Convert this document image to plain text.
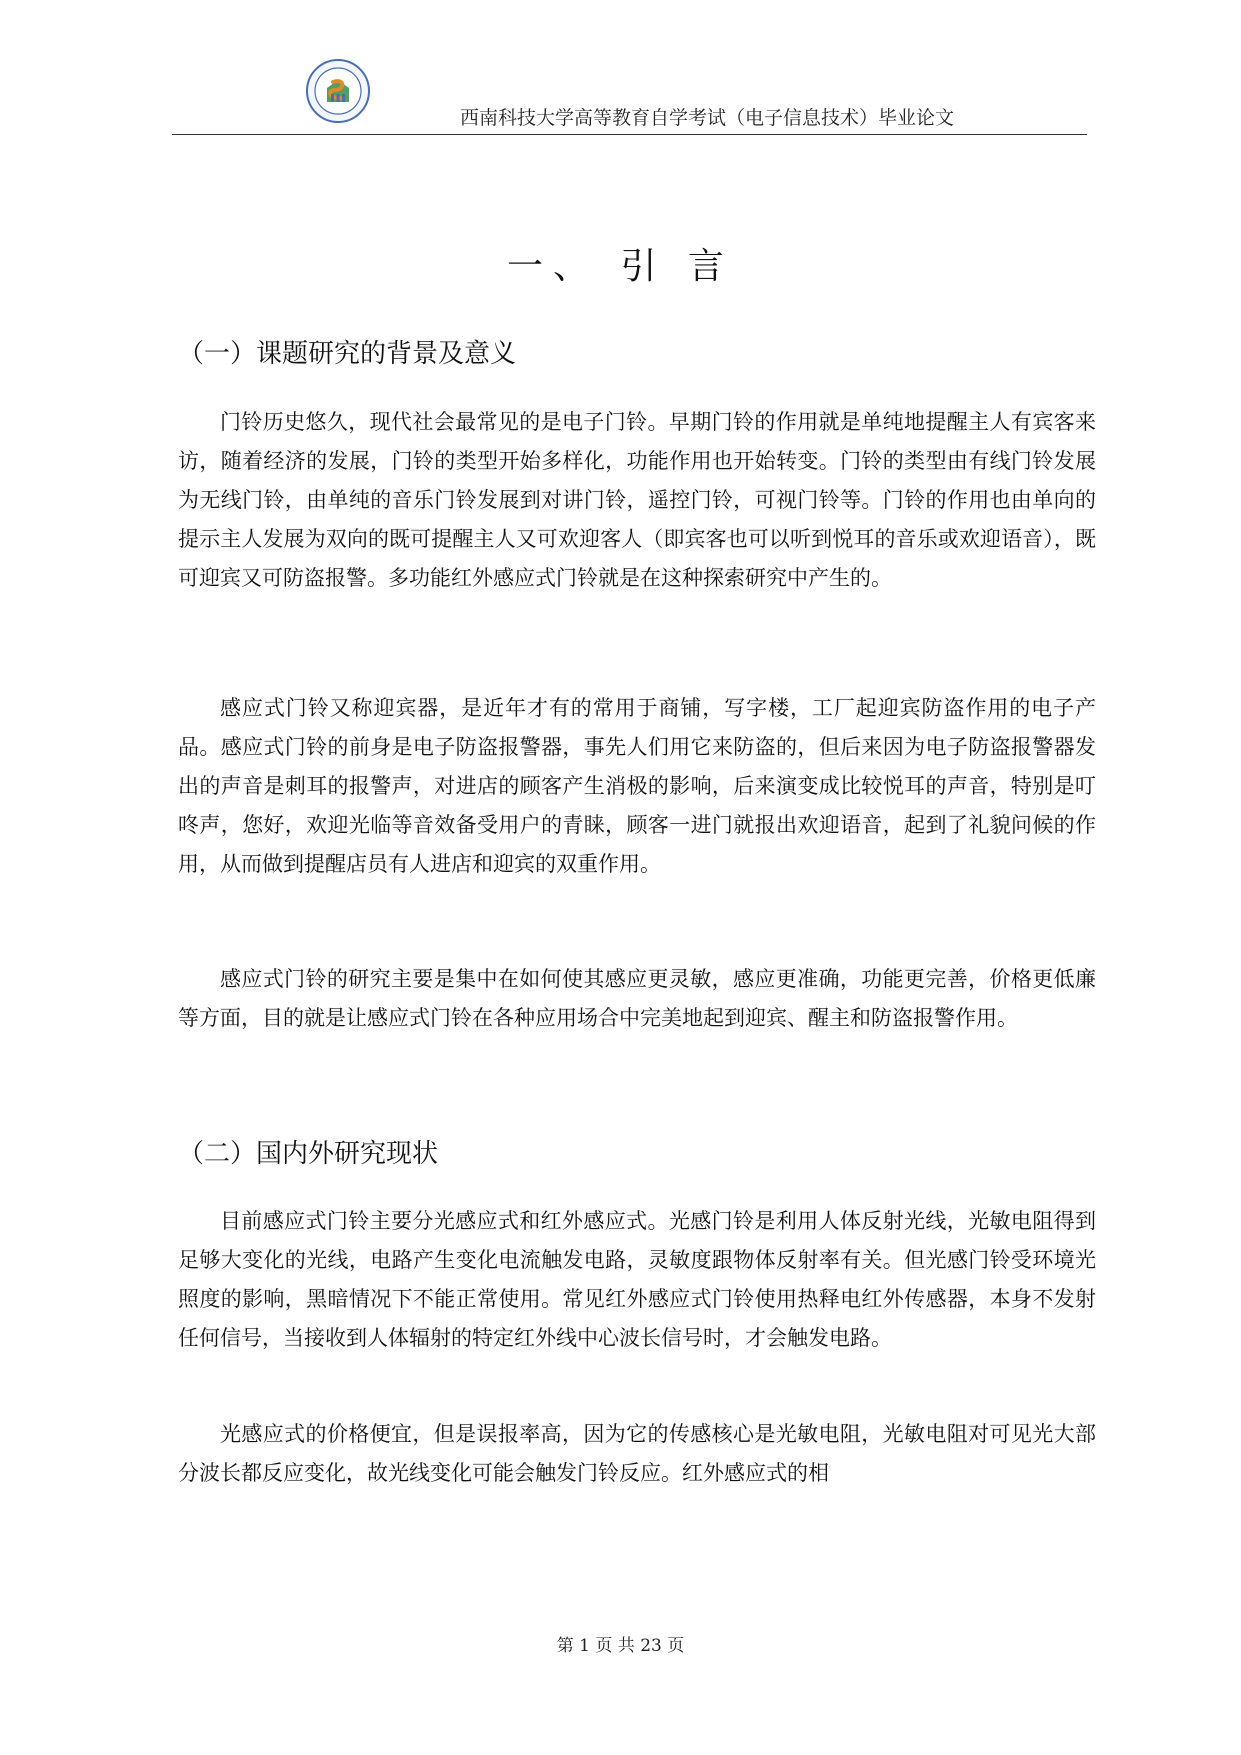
西南科技大学高等教育自学考试（电子信息技术）毕业论文
一、 引 言
（一）课题研究的背景及意义

门铃历史悠久，现代社会最常见的是电子门铃。早期门铃的作用就是单纯地提醒主人有宾客来访，随着经济的发展，门铃的类型开始多样化，功能作用也开始转变。门铃的类型由有线门铃发展为无线门铃，由单纯的音乐门铃发展到对讲门铃，遥控门铃，可视门铃等。门铃的作用也由单向的提示主人发展为双向的既可提醒主人又可欢迎客人（即宾客也可以听到悦耳的音乐或欢迎语音），既可迎宾又可防盗报警。多功能红外感应式门铃就是在这种探索研究中产生的。

感应式门铃又称迎宾器，是近年才有的常用于商铺，写字楼，工厂起迎宾防盗作用的电子产品。感应式门铃的前身是电子防盗报警器，事先人们用它来防盗的，但后来因为电子防盗报警器发出的声音是刺耳的报警声，对进店的顾客产生消极的影响，后来演变成比较悦耳的声音，特别是叮咚声，您好，欢迎光临等音效备受用户的青睐，顾客一进门就报出欢迎语音，起到了礼貌问候的作用，从而做到提醒店员有人进店和迎宾的双重作用。

感应式门铃的研究主要是集中在如何使其感应更灵敏，感应更准确，功能更完善，价格更低廉等方面，目的就是让感应式门铃在各种应用场合中完美地起到迎宾、醒主和防盗报警作用。

（二）国内外研究现状

目前感应式门铃主要分光感应式和红外感应式。光感门铃是利用人体反射光线，光敏电阻得到足够大变化的光线，电路产生变化电流触发电路，灵敏度跟物体反射率有关。但光感门铃受环境光照度的影响，黑暗情况下不能正常使用。常见红外感应式门铃使用热释电红外传感器，本身不发射任何信号，当接收到人体辐射的特定红外线中心波长信号时，才会触发电路。

光感应式的价格便宜，但是误报率高，因为它的传感核心是光敏电阻，光敏电阻对可见光大部分波长都反应变化，故光线变化可能会触发门铃反应。红外感应式的相

第 1 页 共 23 页
